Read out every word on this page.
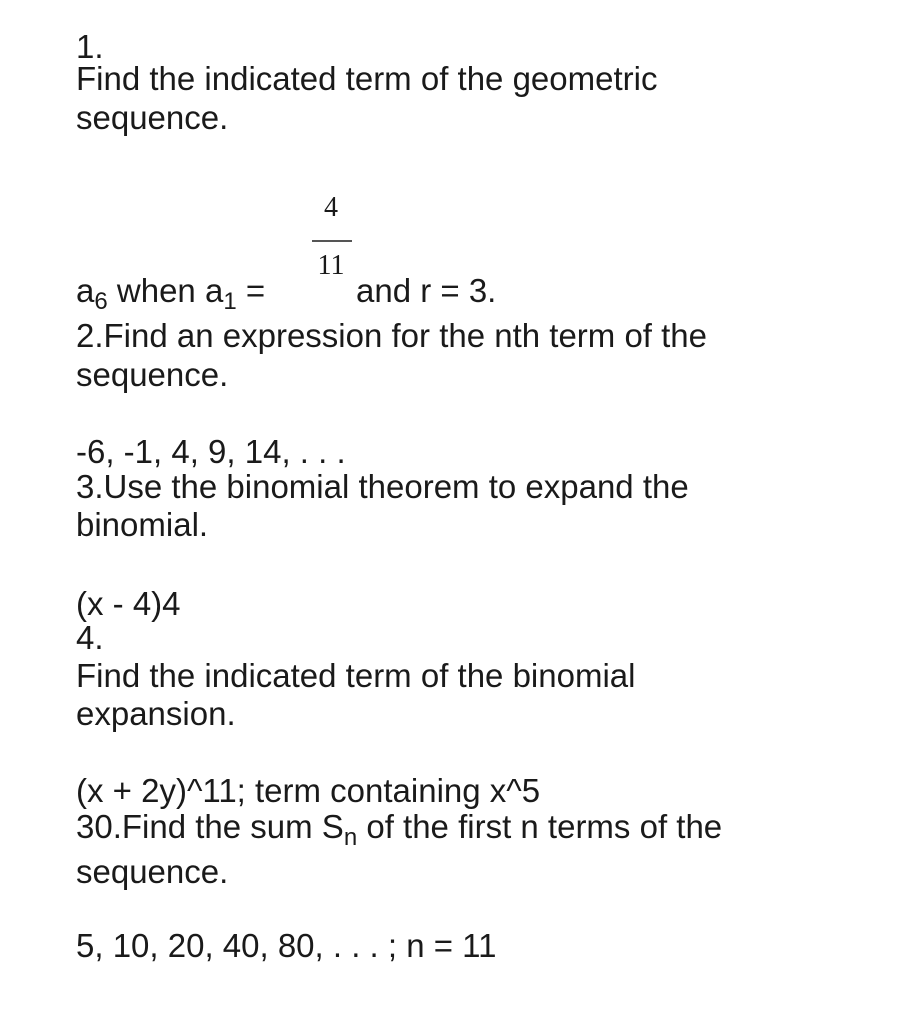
1.

Find the indicated term of the geometric

sequence.

4
11

$a_6$ when $a_1$ = and r = 3.

2.Find an expression for the nth term of the

sequence.

-6, -1, 4, 9, 14, . . .

3.Use the binomial theorem to expand the

binomial.

(x - 4)4

4.

Find the indicated term of the binomial

expansion.

(x + 2y)^11; term containing x^5

30.Find the sum $S_n$ of the first n terms of the

sequence.

5, 10, 20, 40, 80, . . . ; n = 11
